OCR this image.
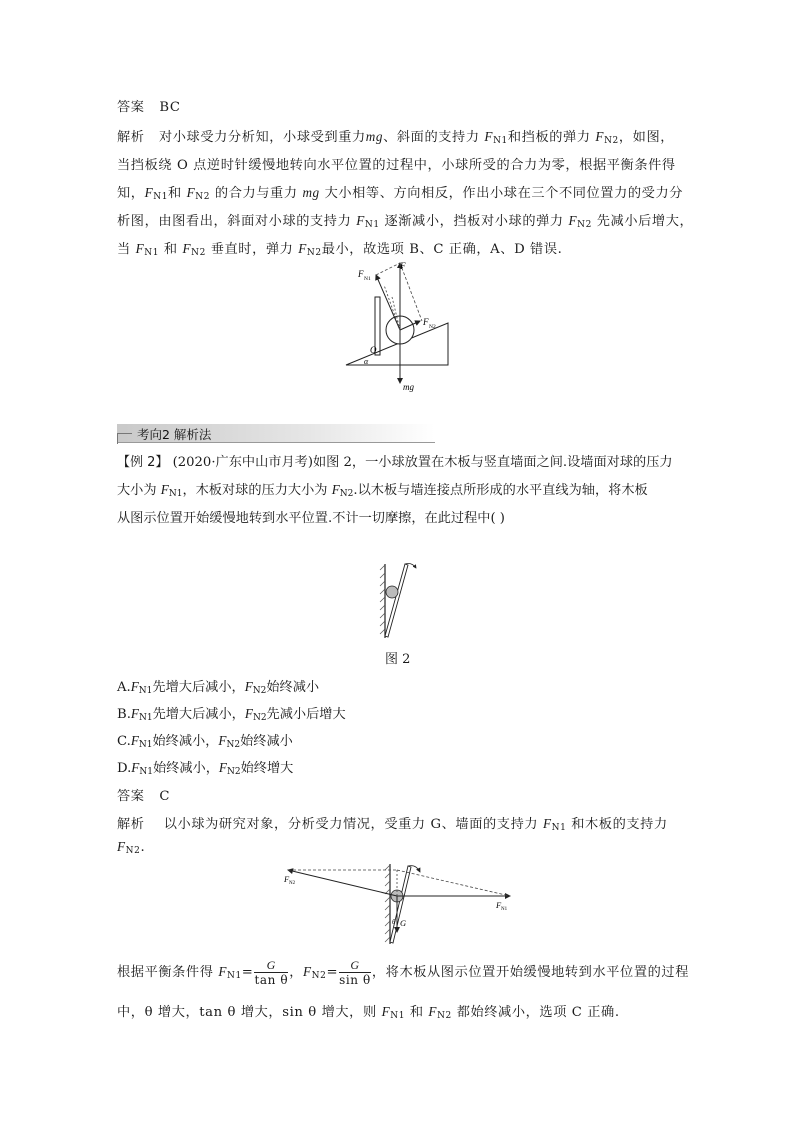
答案 BC
解析 对小球受力分析知，小球受到重力mg、斜面的支持力 $F_{N1}$和挡板的弹力 $F_{N2}$，如图，
当挡板绕 O 点逆时针缓慢地转向水平位置的过程中，小球所受的合力为零，根据平衡条件得
知，$F_{N1}$和 $F_{N2}$ 的合力与重力 mg 大小相等、方向相反，作出小球在三个不同位置力的受力分
析图，由图看出，斜面对小球的支持力 $F_{N1}$ 逐渐减小，挡板对小球的弹力 $F_{N2}$ 先减小后增大，
当 $F_{N1}$ 和 $F_{N2}$ 垂直时，弹力 $F_{N2}$最小，故选项 B、C 正确，A、D 错误.
F
F N1
F N2
O
α
mg
考向2 解析法
【例 2】 (2020·广东中山市月考)如图 2，一小球放置在木板与竖直墙面之间.设墙面对球的压力
大小为 $F_{N1}$，木板对球的压力大小为 $F_{N2}$.以木板与墙连接点所形成的水平直线为轴，将木板
从图示位置开始缓慢地转到水平位置.不计一切摩擦，在此过程中( )
图 2
$A.F_{N1}$先增大后减小，$F_{N2}$始终减小
$B.F_{N1}$先增大后减小，$F_{N2}$先减小后增大
$C.F_{N1}$始终减小，$F_{N2}$始终减小
$D.F_{N1}$始终减小，$F_{N2}$始终增大
答案 C
解析 以小球为研究对象，分析受力情况，受重力 G、墙面的支持力 $F_{N1}$ 和木板的支持力
$F_{N2}$.
F N2
F N1
θ G
根据平衡条件得 $F_{N1}= \frac{G}{\text{tan θ}}$ ，$F_{N2}= \frac{G}{\text{sin θ}}$ ，将木板从图示位置开始缓慢地转到水平位置的过程
中，θ 增大，tan θ 增大，sin θ 增大，则 $F_{N1}$ 和 $F_{N2}$ 都始终减小，选项 C 正确.
